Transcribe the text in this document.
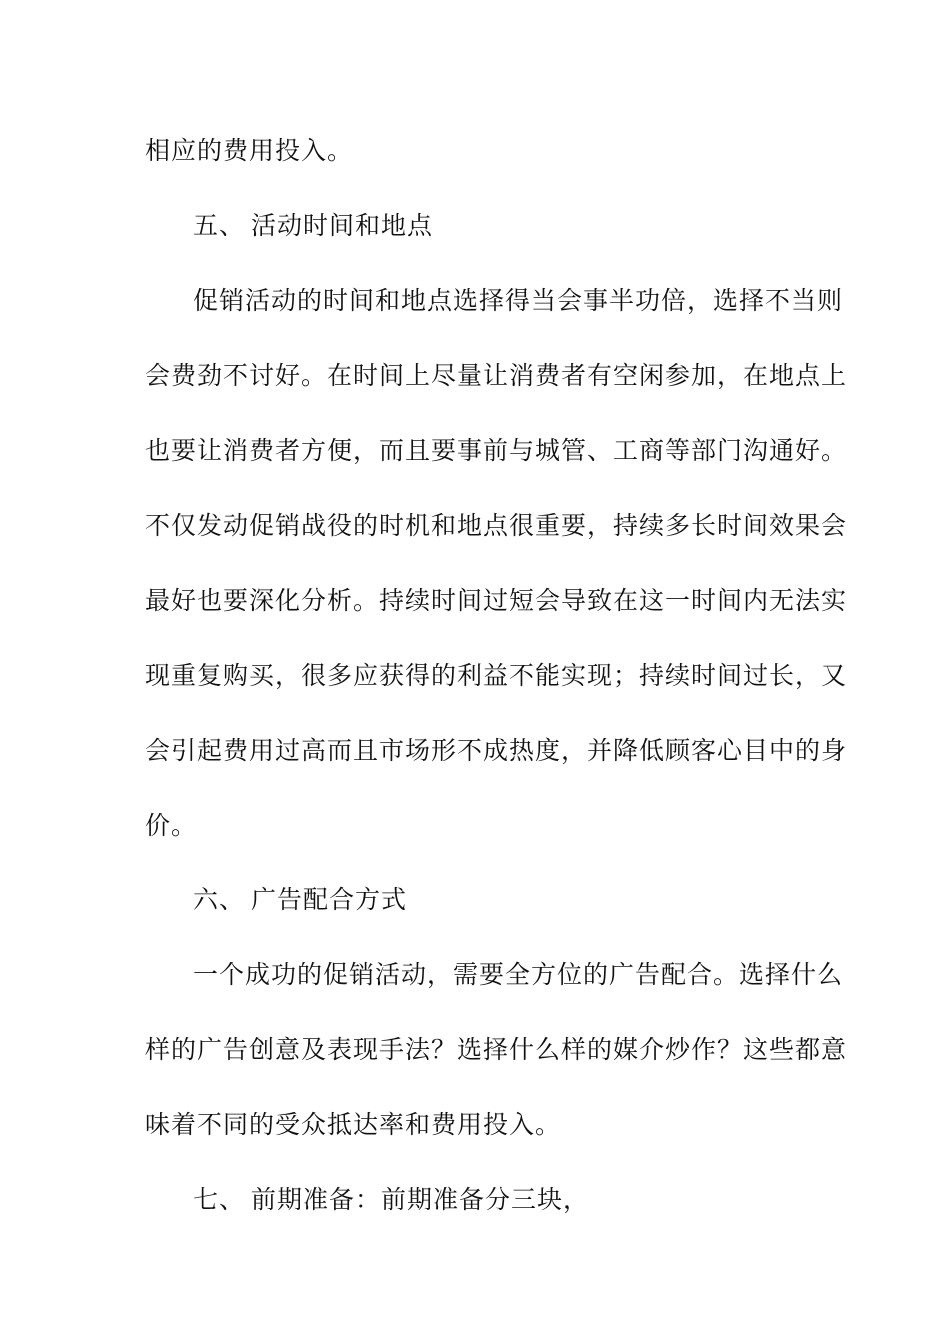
相应的费用投入。
五、 活动时间和地点
促销活动的时间和地点选择得当会事半功倍，选择不当则
会费劲不讨好。在时间上尽量让消费者有空闲参加，在地点上
也要让消费者方便，而且要事前与城管、工商等部门沟通好。
不仅发动促销战役的时机和地点很重要，持续多长时间效果会
最好也要深化分析。持续时间过短会导致在这一时间内无法实
现重复购买，很多应获得的利益不能实现；持续时间过长，又
会引起费用过高而且市场形不成热度，并降低顾客心目中的身
价。
六、 广告配合方式
一个成功的促销活动，需要全方位的广告配合。选择什么
样的广告创意及表现手法？选择什么样的媒介炒作？这些都意
味着不同的受众抵达率和费用投入。
七、 前期准备：前期准备分三块，
